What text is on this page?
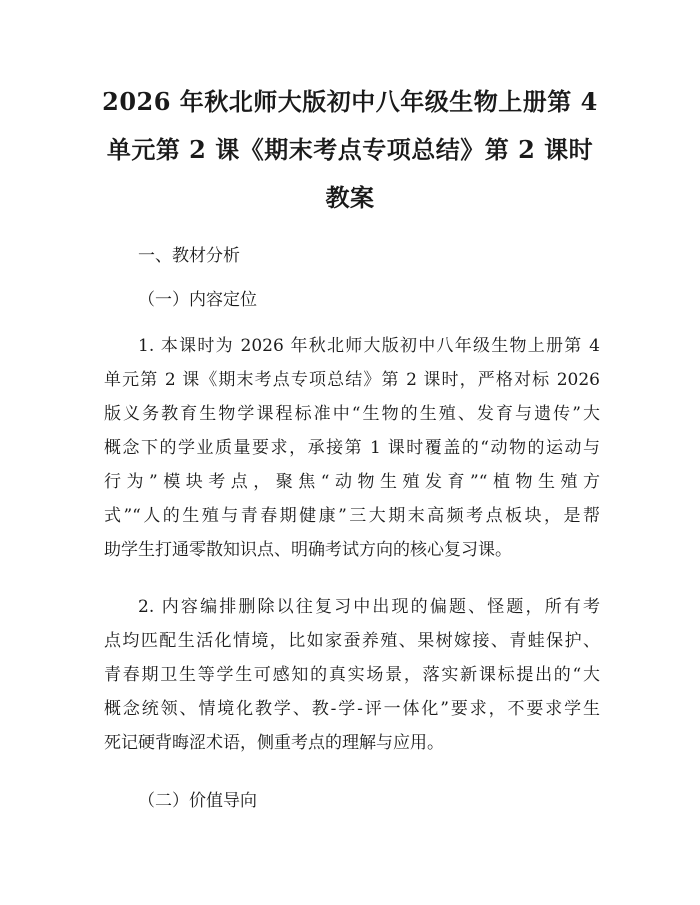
2026 年秋北师大版初中八年级生物上册第 4
单元第 2 课《期末考点专项总结》第 2 课时
教案
一、教材分析
（一）内容定位
1. 本课时为 2026 年秋北师大版初中八年级生物上册第 4
单元第 2 课《期末考点专项总结》第 2 课时，严格对标 2026
版义务教育生物学课程标准中“生物的生殖、发育与遗传”大
概念下的学业质量要求，承接第 1 课时覆盖的“动物的运动与
行为”模块考点，聚焦“动物生殖发育”“植物生殖方
式”“人的生殖与青春期健康”三大期末高频考点板块，是帮
助学生打通零散知识点、明确考试方向的核心复习课。
2. 内容编排删除以往复习中出现的偏题、怪题，所有考
点均匹配生活化情境，比如家蚕养殖、果树嫁接、青蛙保护、
青春期卫生等学生可感知的真实场景，落实新课标提出的“大
概念统领、情境化教学、教-学-评一体化”要求，不要求学生
死记硬背晦涩术语，侧重考点的理解与应用。
（二）价值导向
